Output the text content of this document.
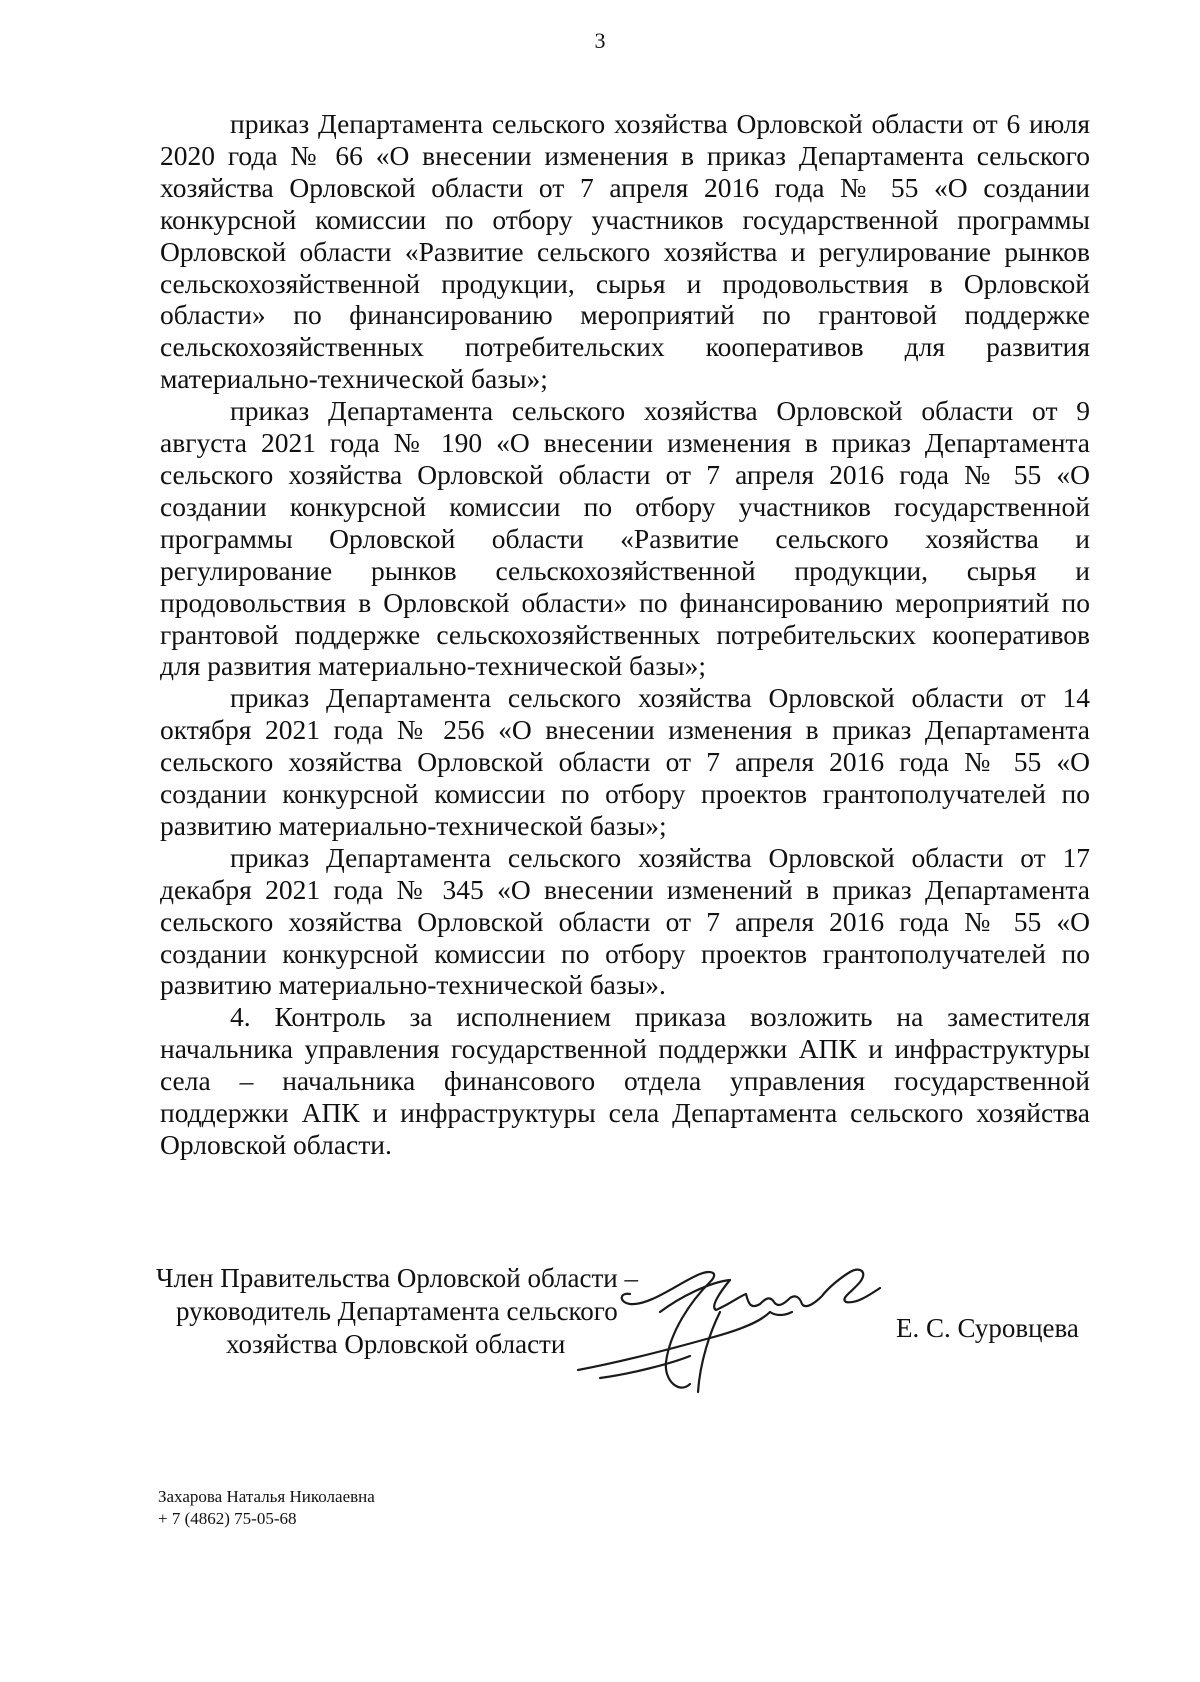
3

приказ Департамента сельского хозяйства Орловской области от 6 июля 2020 года № 66 «О внесении изменения в приказ Департамента сельского хозяйства Орловской области от 7 апреля 2016 года № 55 «О создании конкурсной комиссии по отбору участников государственной программы Орловской области «Развитие сельского хозяйства и регулирование рынков сельскохозяйственной продукции, сырья и продовольствия в Орловской области» по финансированию мероприятий по грантовой поддержке сельскохозяйственных потребительских кооперативов для развития материально-технической базы»;

приказ Департамента сельского хозяйства Орловской области от 9 августа 2021 года № 190 «О внесении изменения в приказ Департамента сельского хозяйства Орловской области от 7 апреля 2016 года № 55 «О создании конкурсной комиссии по отбору участников государственной программы Орловской области «Развитие сельского хозяйства и регулирование рынков сельскохозяйственной продукции, сырья и продовольствия в Орловской области» по финансированию мероприятий по грантовой поддержке сельскохозяйственных потребительских кооперативов для развития материально-технической базы»;

приказ Департамента сельского хозяйства Орловской области от 14 октября 2021 года № 256 «О внесении изменения в приказ Департамента сельского хозяйства Орловской области от 7 апреля 2016 года № 55 «О создании конкурсной комиссии по отбору проектов грантополучателей по развитию материально-технической базы»;

приказ Департамента сельского хозяйства Орловской области от 17 декабря 2021 года № 345 «О внесении изменений в приказ Департамента сельского хозяйства Орловской области от 7 апреля 2016 года № 55 «О создании конкурсной комиссии по отбору проектов грантополучателей по развитию материально-технической базы».

4. Контроль за исполнением приказа возложить на заместителя начальника управления государственной поддержки АПК и инфраструктуры села – начальника финансового отдела управления государственной поддержки АПК и инфраструктуры села Департамента сельского хозяйства Орловской области.

Член Правительства Орловской области –
руководитель Департамента сельского
хозяйства Орловской области
Е. С. Суровцева
Захарова Наталья Николаевна
+ 7 (4862) 75-05-68
